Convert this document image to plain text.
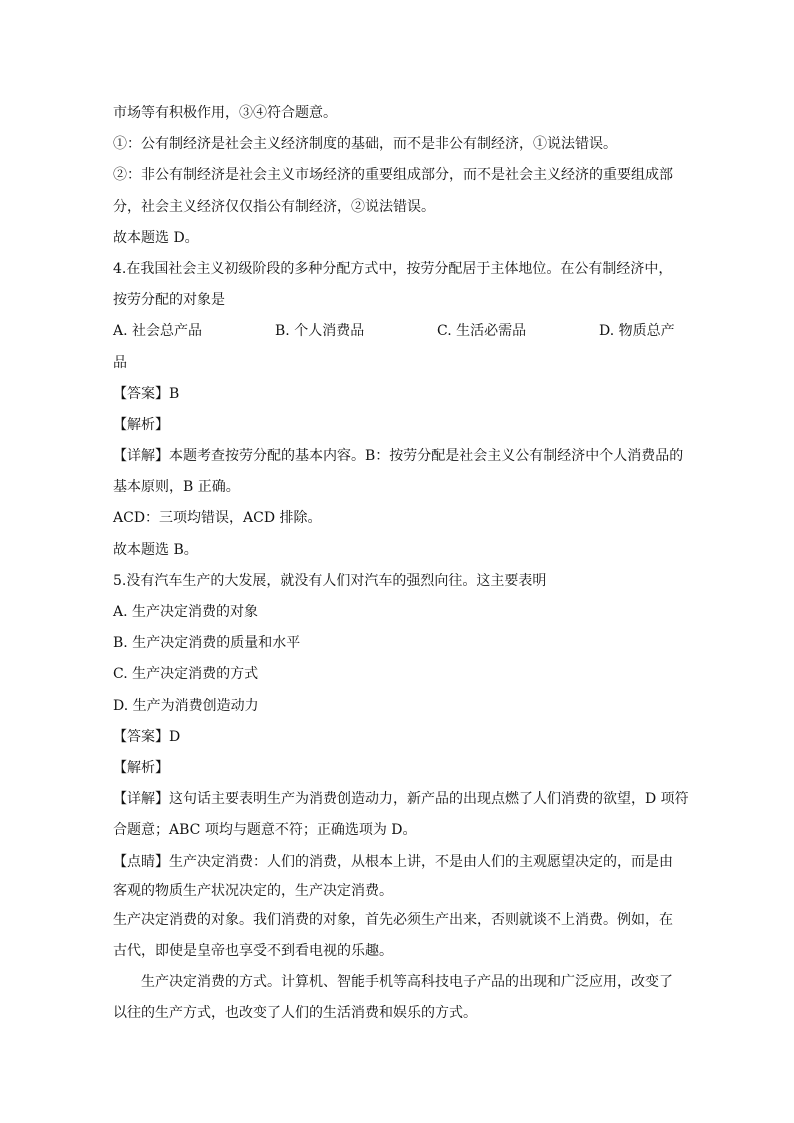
市场等有积极作用，③④符合题意。
①：公有制经济是社会主义经济制度的基础，而不是非公有制经济，①说法错误。
②：非公有制经济是社会主义市场经济的重要组成部分，而不是社会主义经济的重要组成部
分，社会主义经济仅仅指公有制经济，②说法错误。
故本题选 D。
4.在我国社会主义初级阶段的多种分配方式中，按劳分配居于主体地位。在公有制经济中，
按劳分配的对象是
A. 社会总产品	B. 个人消费品	C. 生活必需品	D. 物质总产
品
【答案】B
【解析】
【详解】本题考查按劳分配的基本内容。B：按劳分配是社会主义公有制经济中个人消费品的
基本原则，B 正确。
ACD：三项均错误，ACD 排除。
故本题选 B。
5.没有汽车生产的大发展，就没有人们对汽车的强烈向往。这主要表明
A. 生产决定消费的对象
B. 生产决定消费的质量和水平
C. 生产决定消费的方式
D. 生产为消费创造动力
【答案】D
【解析】
【详解】这句话主要表明生产为消费创造动力，新产品的出现点燃了人们消费的欲望，D 项符
合题意；ABC 项均与题意不符；正确选项为 D。
【点睛】生产决定消费：人们的消费，从根本上讲，不是由人们的主观愿望决定的，而是由
客观的物质生产状况决定的，生产决定消费。
生产决定消费的对象。我们消费的对象，首先必须生产出来，否则就谈不上消费。例如，在
古代，即使是皇帝也享受不到看电视的乐趣。
生产决定消费的方式。计算机、智能手机等高科技电子产品的出现和广泛应用，改变了
以往的生产方式，也改变了人们的生活消费和娱乐的方式。
